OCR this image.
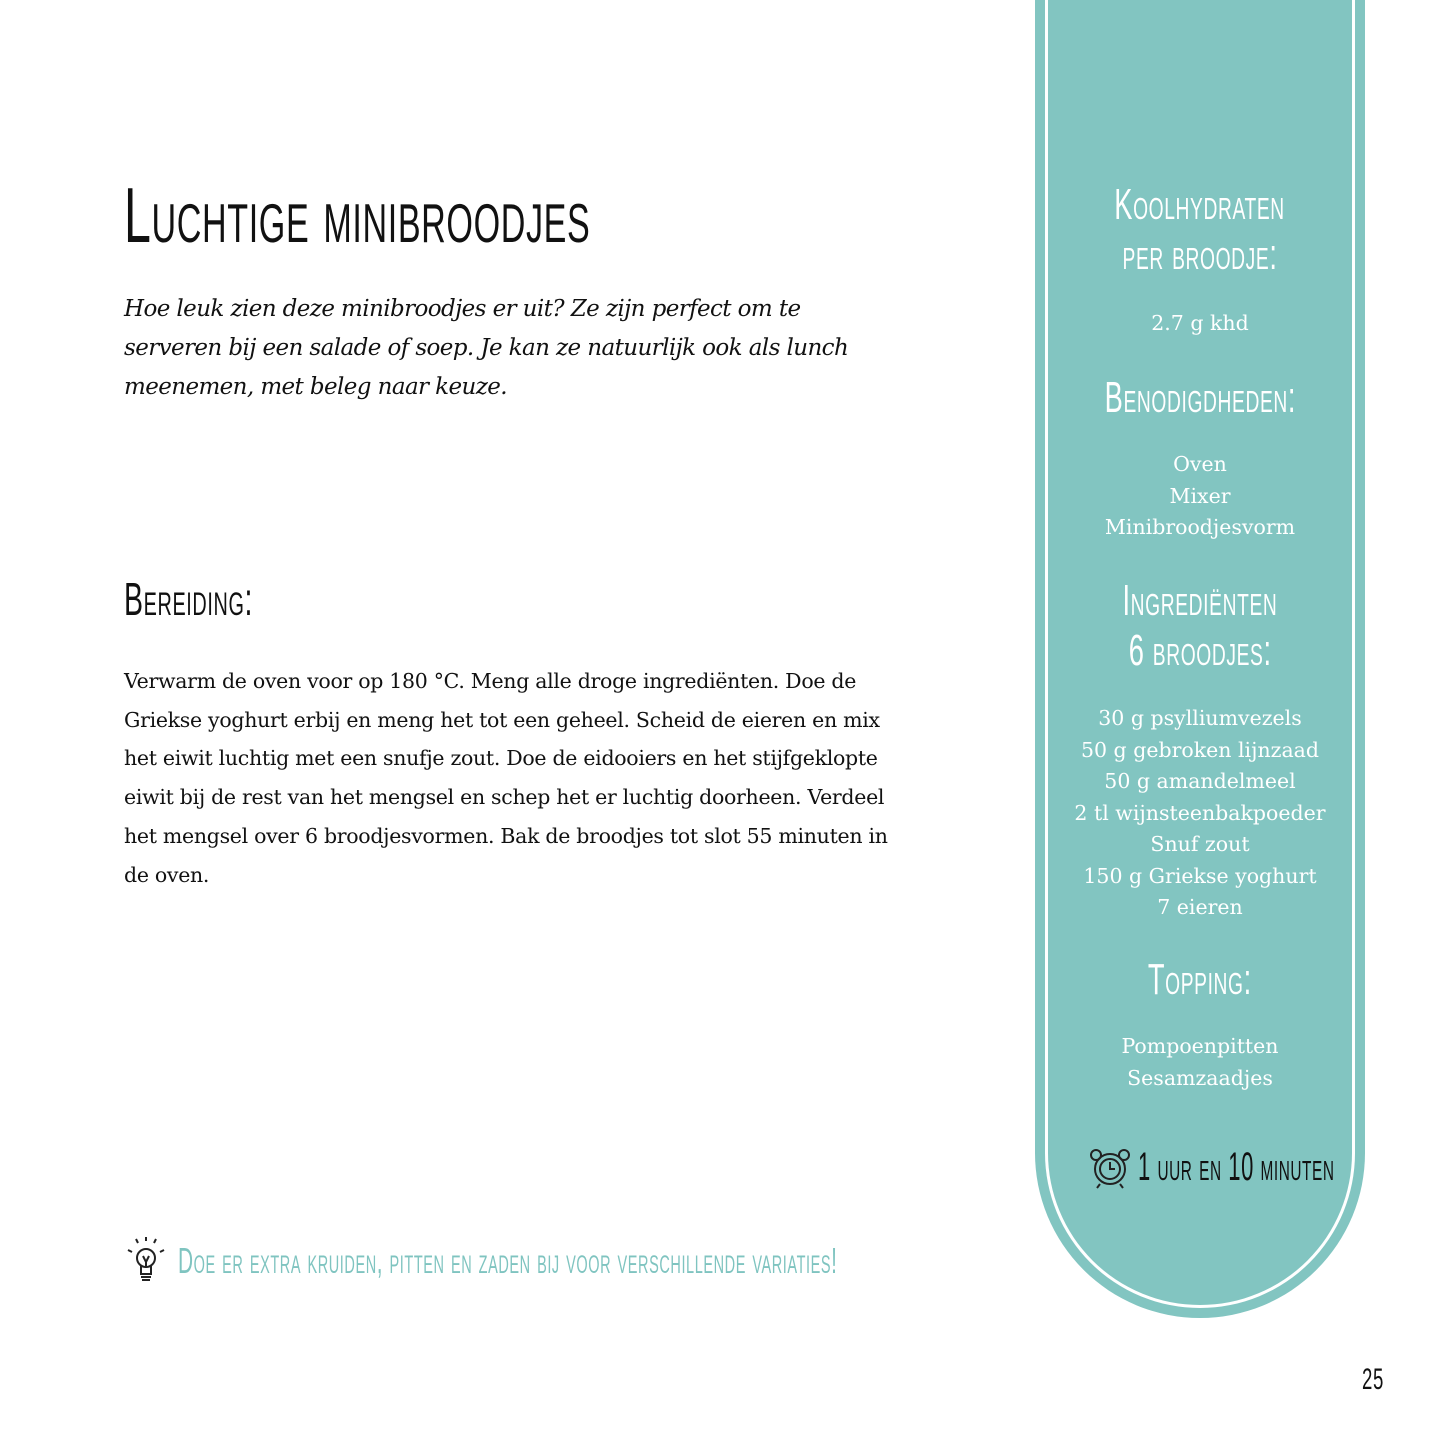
Luchtige minibroodjes

Hoe leuk zien deze minibroodjes er uit? Ze zijn perfect om te serveren bij een salade of soep. Je kan ze natuurlijk ook als lunch meenemen, met beleg naar keuze.

Bereiding:

Verwarm de oven voor op 180 °C. Meng alle droge ingrediënten. Doe de Griekse yoghurt erbij en meng het tot een geheel. Scheid de eieren en mix het eiwit luchtig met een snufje zout. Doe de eidooiers en het stijfgeklopte eiwit bij de rest van het mengsel en schep het er luchtig doorheen. Verdeel het mengsel over 6 broodjesvormen. Bak de broodjes tot slot 55 minuten in de oven.

Doe er extra kruiden, pitten en zaden bij voor verschillende variaties!
Koolhydraten
per broodje:
2.7 g khd
Benodigdheden:
Oven
Mixer
Minibroodjesvorm
Ingrediënten
6 broodjes:
30 g psylliumvezels
50 g gebroken lijnzaad
50 g amandelmeel
2 tl wijnsteenbakpoeder
Snuf zout
150 g Griekse yoghurt
7 eieren
Topping:
Pompoenpitten
Sesamzaadjes
1 uur en 10 minuten
25
